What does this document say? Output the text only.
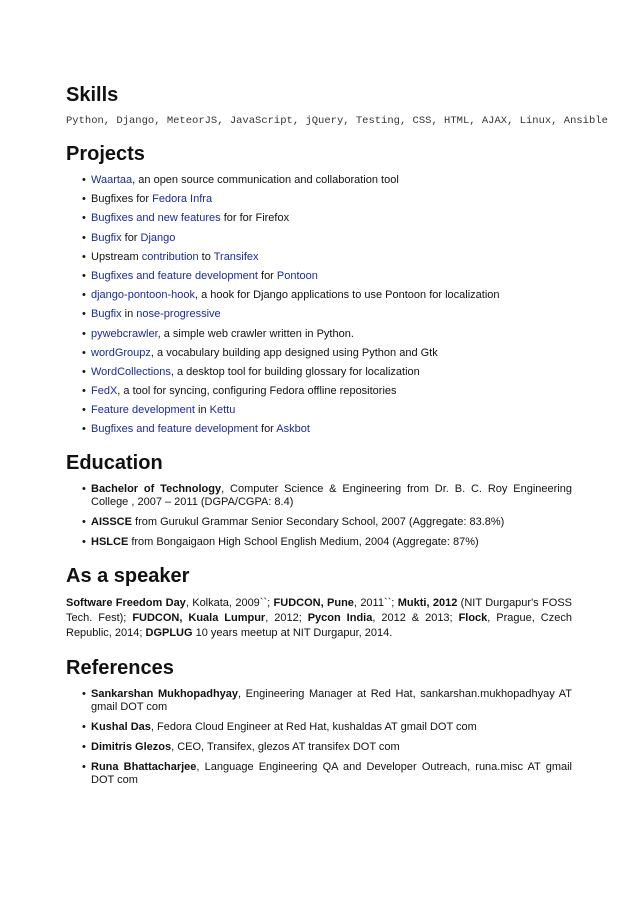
Skills
Python, Django, MeteorJS, JavaScript, jQuery, Testing, CSS, HTML, AJAX, Linux, Ansible
Projects
• Waartaa, an open source communication and collaboration tool
• Bugfixes for Fedora Infra
• Bugfixes and new features for for Firefox
• Bugfix for Django
• Upstream contribution to Transifex
• Bugfixes and feature development for Pontoon
• django-pontoon-hook, a hook for Django applications to use Pontoon for localization
• Bugfix in nose-progressive
• pywebcrawler, a simple web crawler written in Python.
• wordGroupz, a vocabulary building app designed using Python and Gtk
• WordCollections, a desktop tool for building glossary for localization
• FedX, a tool for syncing, configuring Fedora offline repositories
• Feature development in Kettu
• Bugfixes and feature development for Askbot
Education
• Bachelor of Technology, Computer Science & Engineering from Dr. B. C. Roy Engineering College , 2007 – 2011 (DGPA/CGPA: 8.4)
• AISSCE from Gurukul Grammar Senior Secondary School, 2007 (Aggregate: 83.8%)
• HSLCE from Bongaigaon High School English Medium, 2004 (Aggregate: 87%)
As a speaker
Software Freedom Day, Kolkata, 2009``; FUDCON, Pune, 2011``; Mukti, 2012 (NIT Durgapur's FOSS Tech. Fest); FUDCON, Kuala Lumpur, 2012; Pycon India, 2012 & 2013; Flock, Prague, Czech Republic, 2014; DGPLUG 10 years meetup at NIT Durgapur, 2014.
References
• Sankarshan Mukhopadhyay, Engineering Manager at Red Hat, sankarshan.mukhopadhyay AT gmail DOT com
• Kushal Das, Fedora Cloud Engineer at Red Hat, kushaldas AT gmail DOT com
• Dimitris Glezos, CEO, Transifex, glezos AT transifex DOT com
• Runa Bhattacharjee, Language Engineering QA and Developer Outreach, runa.misc AT gmail DOT com
